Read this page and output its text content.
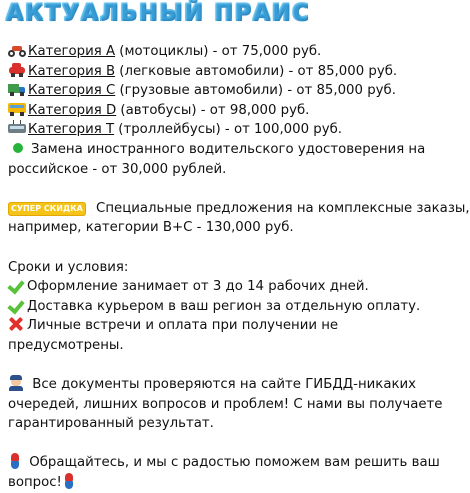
АКТУАЛЬНЫЙ ПРАИС
Категория А (мотоциклы) - от 75,000 руб.
Категория В (легковые автомобили) - от 85,000 руб.
Категория С (грузовые автомобили) - от 85,000 руб.
Категория D (автобусы) - от 98,000 руб.
Категория Т (троллейбусы) - от 100,000 руб.
Замена иностранного водительского удостоверения на
российское - от 30,000 рублей.
СУПЕР СКИДКА Специальные предложения на комплексные заказы,
например, категории В+С - 130,000 руб.
Сроки и условия:
Оформление занимает от 3 до 14 рабочих дней.
Доставка курьером в ваш регион за отдельную оплату.
Личные встречи и оплата при получении не
предусмотрены.
Все документы проверяются на сайте ГИБДД-никаких
очередей, лишних вопросов и проблем! С нами вы получаете
гарантированный результат.
Обращайтесь, и мы с радостью поможем вам решить ваш
вопрос!
